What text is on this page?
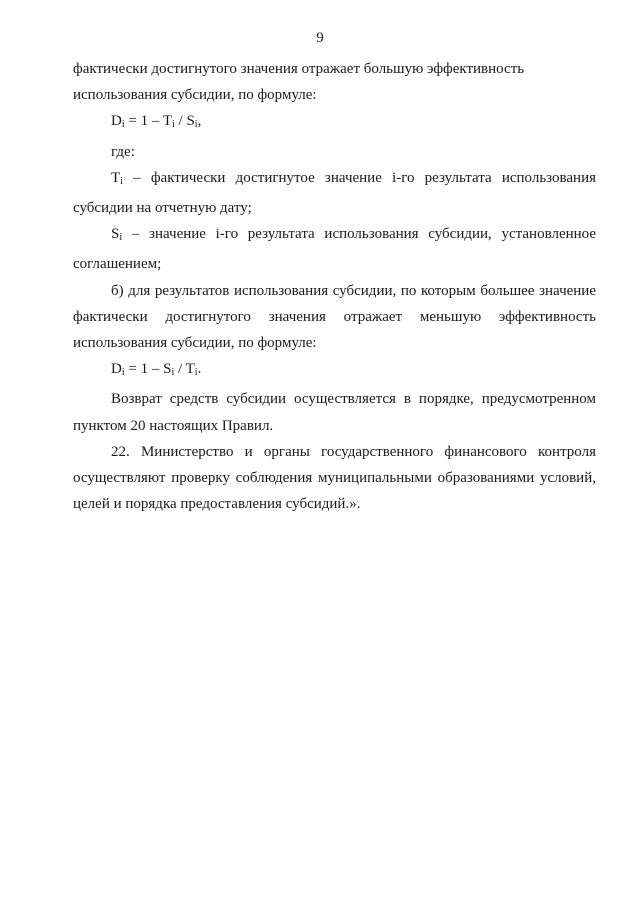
9

фактически достигнутого значения отражает большую эффективность использования субсидии, по формуле:

$D_i = 1 - T_i / S_i$,

где:

$T_i$ – фактически достигнутое значение i-го результата использования субсидии на отчетную дату;

$S_i$ – значение i-го результата использования субсидии, установленное соглашением;

б) для результатов использования субсидии, по которым большее значение фактически достигнутого значения отражает меньшую эффективность использования субсидии, по формуле:

$D_i = 1 - S_i / T_i$.

Возврат средств субсидии осуществляется в порядке, предусмотренном пунктом 20 настоящих Правил.

22. Министерство и органы государственного финансового контроля осуществляют проверку соблюдения муниципальными образованиями условий, целей и порядка предоставления субсидий.».
